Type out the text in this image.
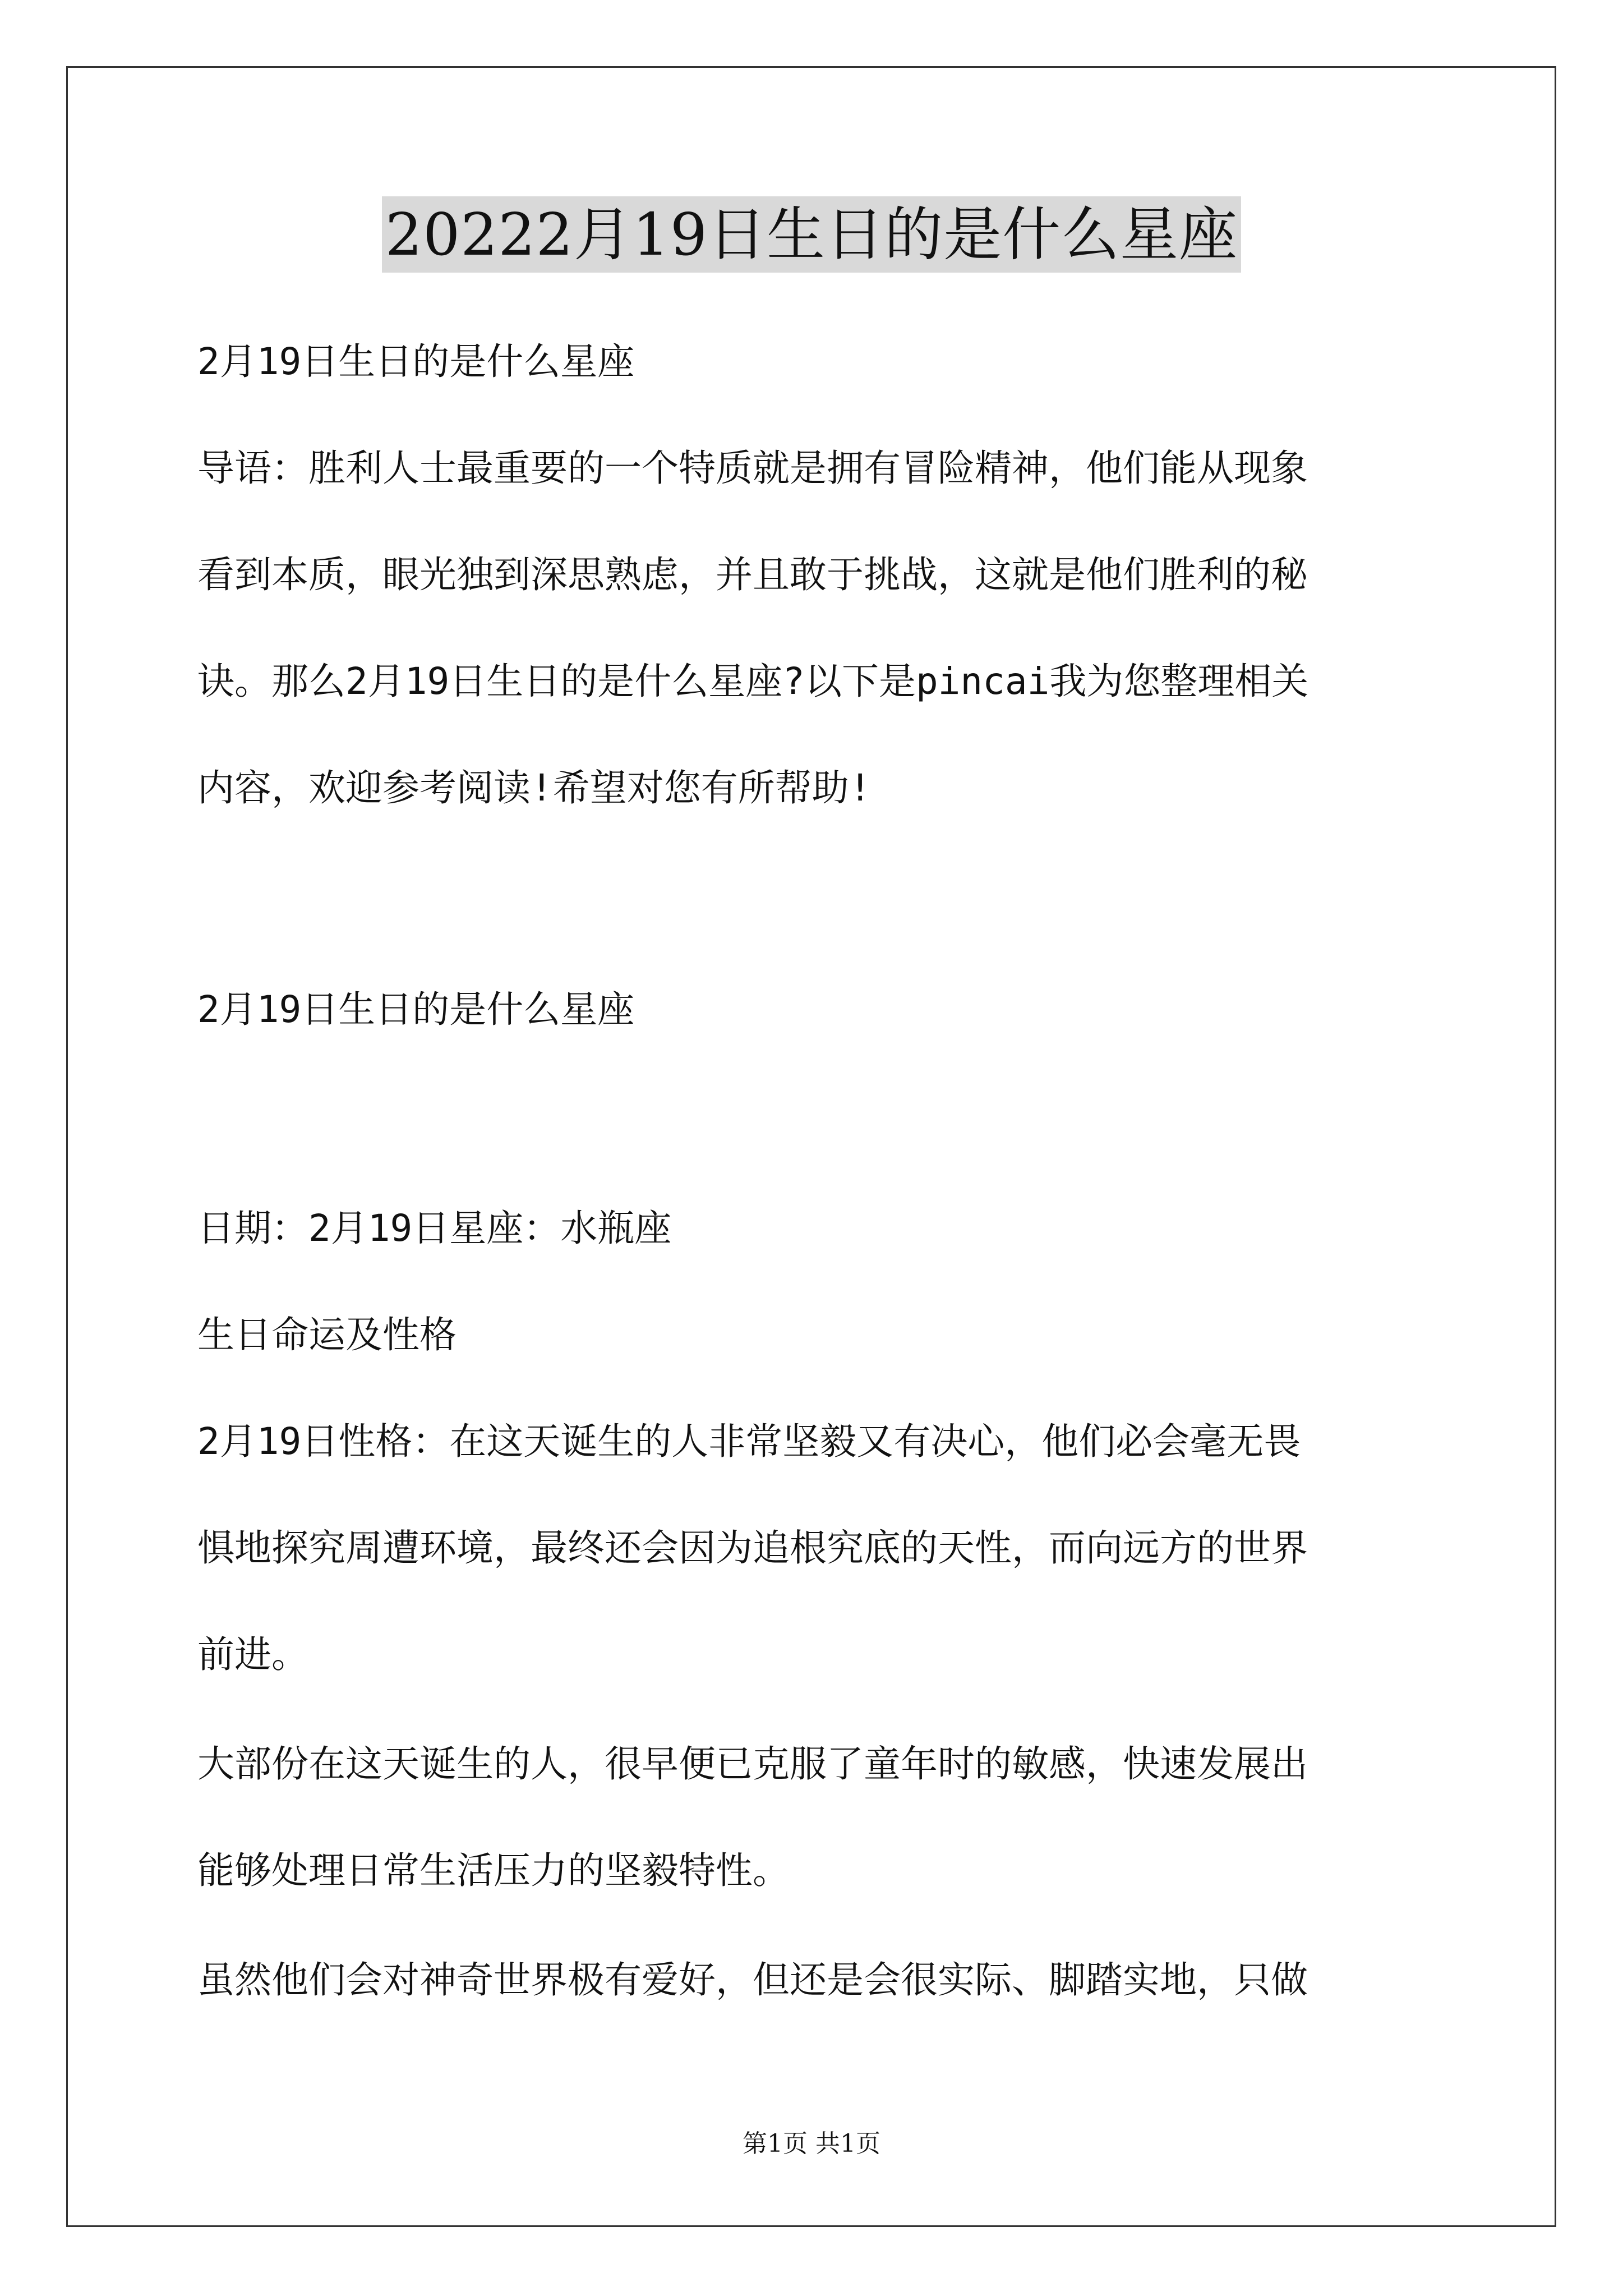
20222月19日生日的是什么星座
2月19日生日的是什么星座
导语：胜利人士最重要的一个特质就是拥有冒险精神，他们能从现象
看到本质，眼光独到深思熟虑，并且敢于挑战，这就是他们胜利的秘
诀。那么2月19日生日的是什么星座?以下是pincai我为您整理相关
内容，欢迎参考阅读!希望对您有所帮助!
2月19日生日的是什么星座
日期：2月19日星座：水瓶座
生日命运及性格
2月19日性格：在这天诞生的人非常坚毅又有决心，他们必会毫无畏
惧地探究周遭环境，最终还会因为追根究底的天性，而向远方的世界
前进。
大部份在这天诞生的人，很早便已克服了童年时的敏感，快速发展出
能够处理日常生活压力的坚毅特性。
虽然他们会对神奇世界极有爱好，但还是会很实际、脚踏实地，只做
第1页 共1页
